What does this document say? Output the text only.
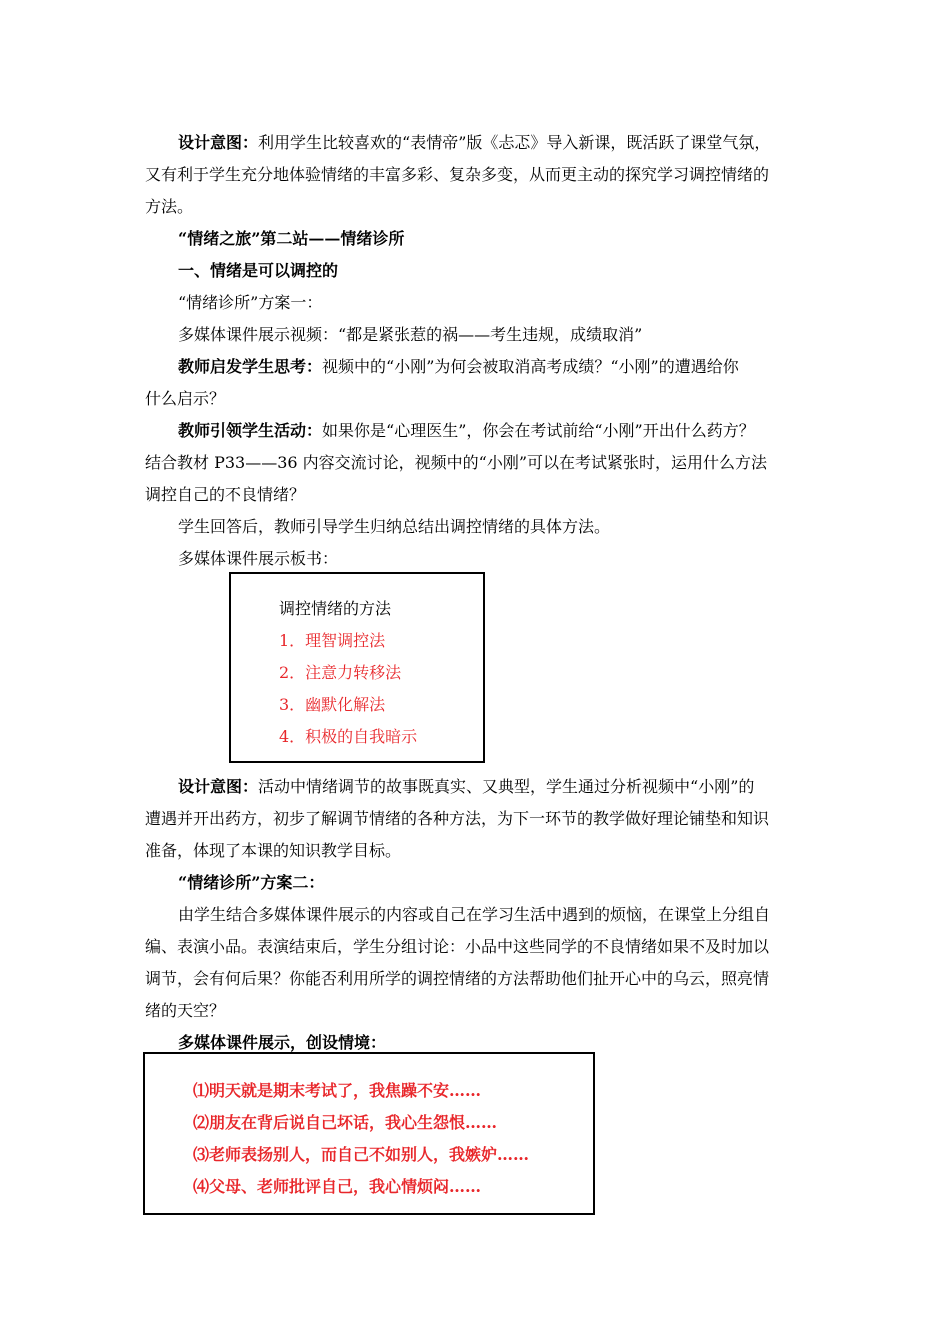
设计意图：利用学生比较喜欢的“表情帝”版《忐忑》导入新课，既活跃了课堂气氛，
又有利于学生充分地体验情绪的丰富多彩、复杂多变，从而更主动的探究学习调控情绪的
方法。
“情绪之旅”第二站——情绪诊所
一、情绪是可以调控的
“情绪诊所”方案一：
多媒体课件展示视频：“都是紧张惹的祸——考生违规，成绩取消”
教师启发学生思考：视频中的“小刚”为何会被取消高考成绩？“小刚”的遭遇给你
什么启示？
教师引领学生活动：如果你是“心理医生”，你会在考试前给“小刚”开出什么药方？
结合教材 P33——36 内容交流讨论，视频中的“小刚”可以在考试紧张时，运用什么方法
调控自己的不良情绪？
学生回答后，教师引导学生归纳总结出调控情绪的具体方法。
多媒体课件展示板书：
调控情绪的方法
1．理智调控法
2．注意力转移法
3．幽默化解法
4．积极的自我暗示
设计意图：活动中情绪调节的故事既真实、又典型，学生通过分析视频中“小刚”的
遭遇并开出药方，初步了解调节情绪的各种方法，为下一环节的教学做好理论铺垫和知识
准备，体现了本课的知识教学目标。
“情绪诊所”方案二：
由学生结合多媒体课件展示的内容或自己在学习生活中遇到的烦恼，在课堂上分组自
编、表演小品。表演结束后，学生分组讨论：小品中这些同学的不良情绪如果不及时加以
调节，会有何后果？你能否利用所学的调控情绪的方法帮助他们扯开心中的乌云，照亮情
绪的天空？
多媒体课件展示，创设情境：
⑴明天就是期末考试了，我焦躁不安……
⑵朋友在背后说自己坏话，我心生怨恨……
⑶老师表扬别人，而自己不如别人，我嫉妒……
⑷父母、老师批评自己，我心情烦闷……
